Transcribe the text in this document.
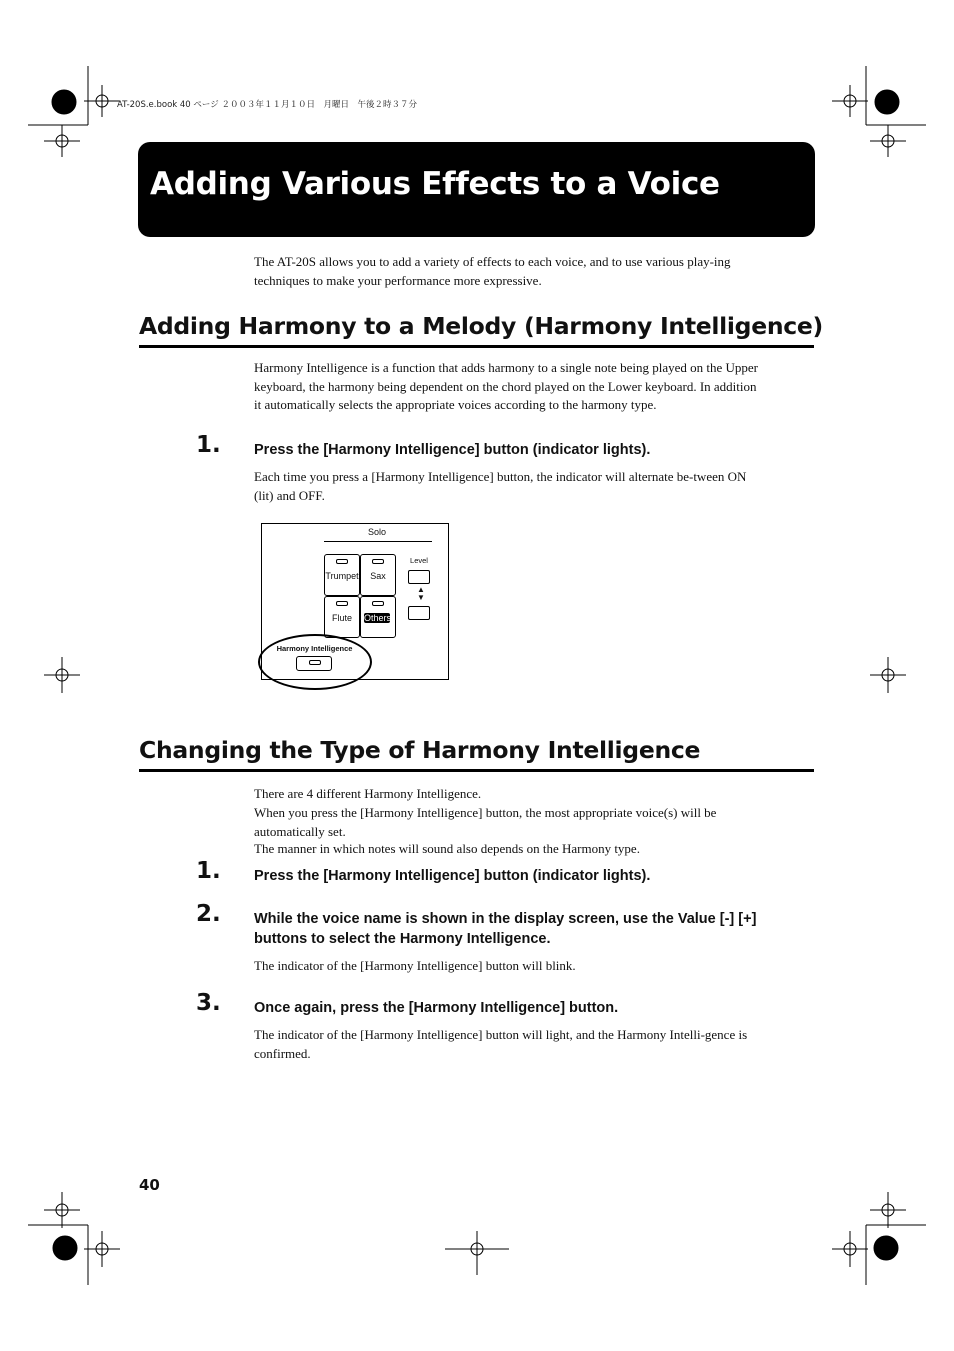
AT-20S.e.book 40 ページ ２００３年１１月１０日　月曜日　午後２時３７分
Adding Various Effects to a Voice
The AT-20S allows you to add a variety of effects to each voice, and to use various play-ing techniques to make your performance more expressive.
Adding Harmony to a Melody (Harmony Intelligence)
Harmony Intelligence is a function that adds harmony to a single note being played on the Upper keyboard, the harmony being dependent on the chord played on the Lower keyboard. In addition it automatically selects the appropriate voices according to the harmony type.
1. Press the [Harmony Intelligence] button (indicator lights).
Each time you press a [Harmony Intelligence] button, the indicator will alternate be-tween ON (lit) and OFF.
Solo
Trumpet	Sax
Flute	Others
Level
▲
▼
Harmony Intelligence
Changing the Type of Harmony Intelligence
There are 4 different Harmony Intelligence.
When you press the [Harmony Intelligence] button, the most appropriate voice(s) will be automatically set.
The manner in which notes will sound also depends on the Harmony type.
1. Press the [Harmony Intelligence] button (indicator lights).
2. While the voice name is shown in the display screen, use the Value [-] [+] buttons to select the Harmony Intelligence.
The indicator of the [Harmony Intelligence] button will blink.
3. Once again, press the [Harmony Intelligence] button.
The indicator of the [Harmony Intelligence] button will light, and the Harmony Intelli-gence is confirmed.
40
